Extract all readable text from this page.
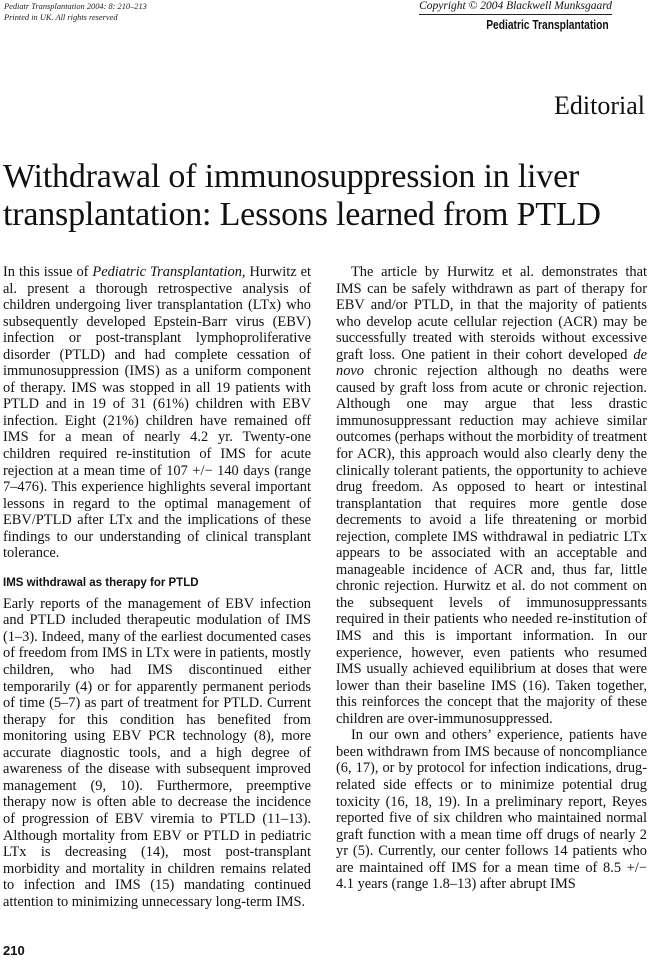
Pediatr Transplantation 2004: 8: 210–213
Printed in UK. All rights reserved
Copyright © 2004 Blackwell Munksgaard
Pediatric Transplantation
Editorial
Withdrawal of immunosuppression in liver transplantation: Lessons learned from PTLD

In this issue of Pediatric Transplantation, Hurwitz et al. present a thorough retrospective analysis of children undergoing liver transplantation (LTx) who subsequently developed Epstein-Barr virus (EBV) infection or post-transplant lymphoproliferative disorder (PTLD) and had complete cessation of immunosuppression (IMS) as a uniform component of therapy. IMS was stopped in all 19 patients with PTLD and in 19 of 31 (61%) children with EBV infection. Eight (21%) children have remained off IMS for a mean of nearly 4.2 yr. Twenty-one children required re-institution of IMS for acute rejection at a mean time of 107 +/− 140 days (range 7–476). This experience highlights several important lessons in regard to the optimal management of EBV/PTLD after LTx and the implications of these findings to our understanding of clinical transplant tolerance.

IMS withdrawal as therapy for PTLD

Early reports of the management of EBV infection and PTLD included therapeutic modulation of IMS (1–3). Indeed, many of the earliest documented cases of freedom from IMS in LTx were in patients, mostly children, who had IMS discontinued either temporarily (4) or for apparently permanent periods of time (5–7) as part of treatment for PTLD. Current therapy for this condition has benefited from monitoring using EBV PCR technology (8), more accurate diagnostic tools, and a high degree of awareness of the disease with subsequent improved management (9, 10). Furthermore, preemptive therapy now is often able to decrease the incidence of progression of EBV viremia to PTLD (11–13). Although mortality from EBV or PTLD in pediatric LTx is decreasing (14), most post-transplant morbidity and mortality in children remains related to infection and IMS (15) mandating continued attention to minimizing unnecessary long-term IMS.

The article by Hurwitz et al. demonstrates that IMS can be safely withdrawn as part of therapy for EBV and/or PTLD, in that the majority of patients who develop acute cellular rejection (ACR) may be successfully treated with steroids without excessive graft loss. One patient in their cohort developed de novo chronic rejection although no deaths were caused by graft loss from acute or chronic rejection. Although one may argue that less drastic immunosuppressant reduction may achieve similar outcomes (perhaps without the morbidity of treatment for ACR), this approach would also clearly deny the clinically tolerant patients, the opportunity to achieve drug freedom. As opposed to heart or intestinal transplantation that requires more gentle dose decrements to avoid a life threatening or morbid rejection, complete IMS withdrawal in pediatric LTx appears to be associated with an acceptable and manageable incidence of ACR and, thus far, little chronic rejection. Hurwitz et al. do not comment on the subsequent levels of immunosuppressants required in their patients who needed re-institution of IMS and this is important information. In our experience, however, even patients who resumed IMS usually achieved equilibrium at doses that were lower than their baseline IMS (16). Taken together, this reinforces the concept that the majority of these children are over-immunosuppressed.

In our own and others’ experience, patients have been withdrawn from IMS because of noncompliance (6, 17), or by protocol for infection indications, drug-related side effects or to minimize potential drug toxicity (16, 18, 19). In a preliminary report, Reyes reported five of six children who maintained normal graft function with a mean time off drugs of nearly 2 yr (5). Currently, our center follows 14 patients who are maintained off IMS for a mean time of 8.5 +/− 4.1 years (range 1.8–13) after abrupt IMS

210
